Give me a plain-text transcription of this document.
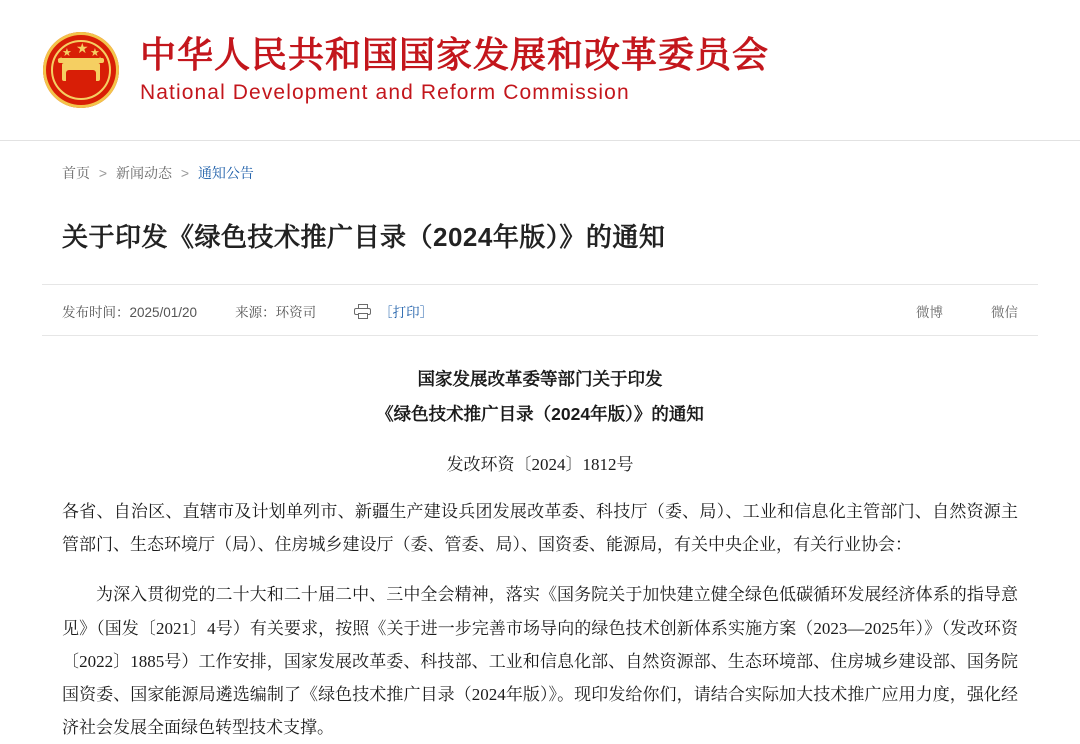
★
★ ★
★	★ 中华人民共和国国家发展和改革委员会
National Development and Reform Commission
首页 > 新闻动态 > 通知公告
关于印发《绿色技术推广目录（2024年版）》的通知
发布时间：2025/01/20	来源：环资司	［打印］	微博	微信
国家发展改革委等部门关于印发
《绿色技术推广目录（2024年版）》的通知
发改环资〔2024〕1812号

各省、自治区、直辖市及计划单列市、新疆生产建设兵团发展改革委、科技厅（委、局）、工业和信息化主管部门、自然资源主管部门、生态环境厅（局）、住房城乡建设厅（委、管委、局）、国资委、能源局，有关中央企业，有关行业协会：

为深入贯彻党的二十大和二十届二中、三中全会精神，落实《国务院关于加快建立健全绿色低碳循环发展经济体系的指导意见》（国发〔2021〕4号）有关要求，按照《关于进一步完善市场导向的绿色技术创新体系实施方案（2023—2025年）》（发改环资〔2022〕1885号）工作安排，国家发展改革委、科技部、工业和信息化部、自然资源部、生态环境部、住房城乡建设部、国务院国资委、国家能源局遴选编制了《绿色技术推广目录（2024年版）》。现印发给你们，请结合实际加大技术推广应用力度，强化经济社会发展全面绿色转型技术支撑。
